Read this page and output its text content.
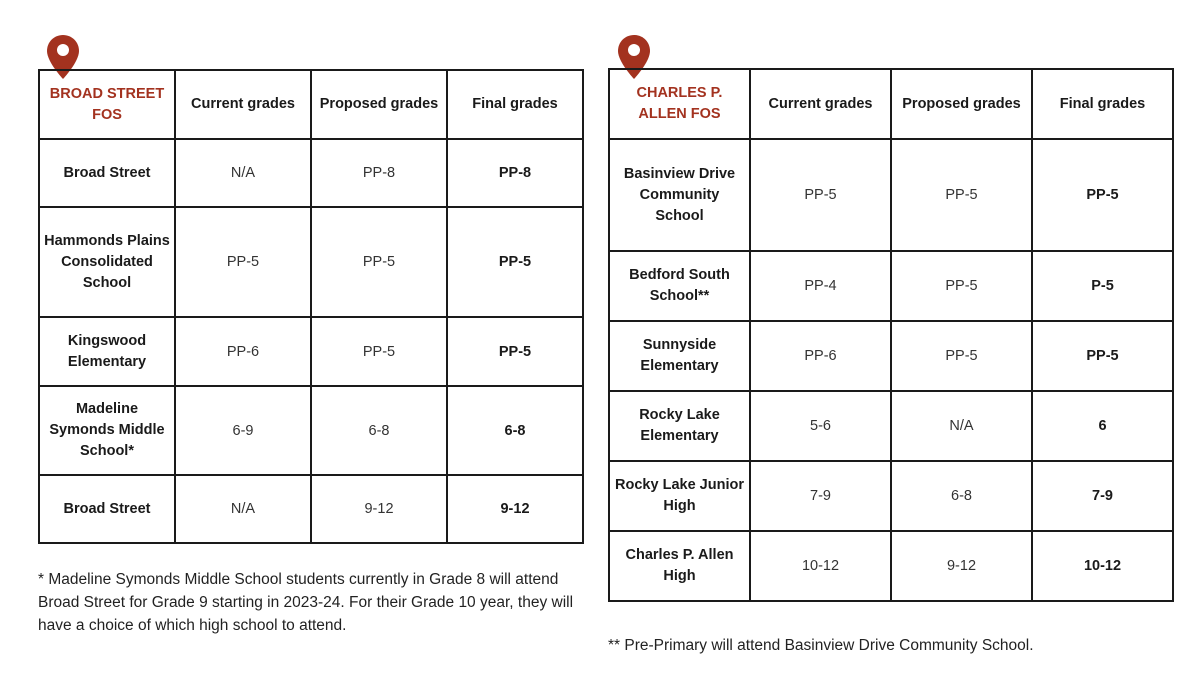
BROAD STREET FOS	Current grades	Proposed grades	Final grades
Broad Street	N/A	PP-8	PP-8
Hammonds Plains Consolidated School	PP-5	PP-5	PP-5
Kingswood Elementary	PP-6	PP-5	PP-5
Madeline Symonds Middle School*	6-9	6-8	6-8
Broad Street	N/A	9-12	9-12
CHARLES P. ALLEN FOS	Current grades	Proposed grades	Final grades
Basinview Drive Community School	PP-5	PP-5	PP-5
Bedford South School**	PP-4	PP-5	P-5
Sunnyside Elementary	PP-6	PP-5	PP-5
Rocky Lake Elementary	5-6	N/A	6
Rocky Lake Junior High	7-9	6-8	7-9
Charles P. Allen High	10-12	9-12	10-12
* Madeline Symonds Middle School students currently in Grade 8 will attend Broad Street for Grade 9 starting in 2023-24. For their Grade 10 year, they will have a choice of which high school to attend.
** Pre-Primary will attend Basinview Drive Community School.
